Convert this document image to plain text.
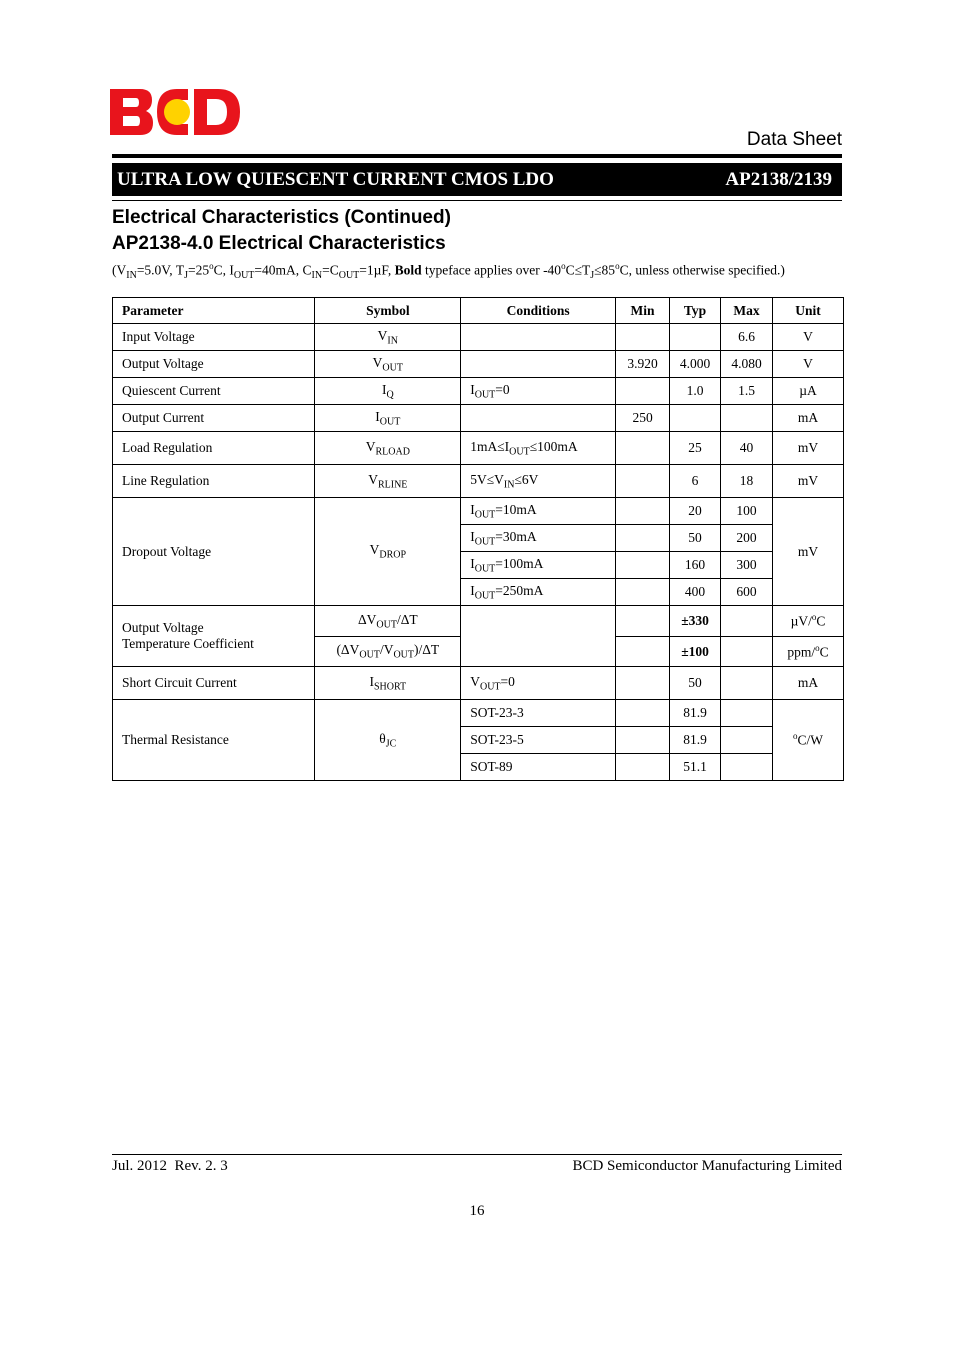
Data Sheet
ULTRA LOW QUIESCENT CURRENT CMOS LDO	AP2138/2139
Electrical Characteristics (Continued)
AP2138-4.0 Electrical Characteristics
($V_{IN}=5.0V$, $T_J=25^oC$, $I_{OUT}=40mA$, $C_{IN}=C_{OUT}=1\mu F$, Bold typeface applies over $-40^oC\le T_J\le 85^oC$, unless otherwise specified.)
Parameter	Symbol	Conditions	Min	Typ	Max	Unit
Input Voltage	$V_{IN}$				6.6	V
Output Voltage	$V_{OUT}$		3.920	4.000	4.080	V
Quiescent Current	$I_Q$	$I_{OUT}=0$		1.0	1.5	µA
Output Current	$I_{OUT}$		250			mA
Load Regulation	$V_{RLOAD}$	$1mA\le I_{OUT}\le 100mA$		25	40	mV
Line Regulation	$V_{RLINE}$	$5V\le V_{IN}\le 6V$		6	18	mV
Dropout Voltage	$V_{DROP}$	$I_{OUT}=10mA$		20	100	mV
		$I_{OUT}=30mA$		50	200	
		$I_{OUT}=100mA$		160	300	
		$I_{OUT}=250mA$		400	600	

Output Voltage
Temperature Coefficient	$\Delta V_{OUT}/\Delta T$			±330		µV/$^o$C
	$(\Delta V_{OUT}/V_{OUT})/\Delta T$			±100		ppm/$^o$C
Short Circuit Current	$I_{SHORT}$	$V_{OUT}=0$		50		mA
Thermal Resistance	$\theta_{JC}$	SOT-23-3		81.9		$^o$C/W
		SOT-23-5		81.9		
		SOT-89		51.1		
Jul. 2012  Rev. 2. 3	BCD Semiconductor Manufacturing Limited
16
